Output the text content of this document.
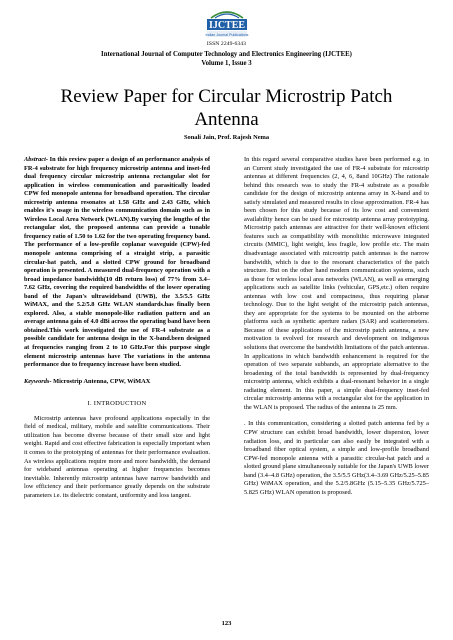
IJCTEE
Indian Journal Publications
ISSN 2249-6343
International Journal of Computer Technology and Electronics Engineering (IJCTEE)
Volume 1, Issue 3
Review Paper for Circular Microstrip Patch
Antenna
Sonali Jain, Prof. Rajesh Nema

Abstract- In this review paper a design of an performance analysis of FR-4 substrate for high frequency microstrip antenna and inset-fed dual frequency circular microstrip antenna rectangular slot for application in wireless communication and parasitically loaded CPW fed monopole antenna for broadband operation. The circular microstrip antenna resonates at 1.58 GHz and 2.43 GHz, which enables it's usage in the wireless communication domain such as in Wireless Local Area Network (WLAN).By varying the lengths of the rectangular slot, the proposed antenna can provide a tunable frequency ratio of 1.50 to 1.62 for the two operating frequency band. The performance of a low-profile coplanar waveguide (CPW)-fed monopole antenna comprising of a straight strip, a parasitic circular-hat patch, and a slotted CPW ground for broadband operation is presented. A measured dual-frequency operation with a broad impedance bandwidth(10 dB return loss) of 77% from 3.4–7.62 GHz, covering the required bandwidths of the lower operating band of the Japan's ultrawideband (UWB), the 3.5/5.5 GHz WiMAX, and the 5.2/5.8 GHz WLAN standards.has finally been explored. Also, a stable monopole-like radiation pattern and an average antenna gain of 4.0 dBi across the operating band have been obtained.This work investigated the use of FR-4 substrate as a possible candidate for antenna design in the X-band.been designed at frequencies ranging from 2 to 10 GHz.For this purpose single element microstrip antennas have The variations in the antenna performance due to frequency increase have been studied.

Keywords- Microstrip Antenna, CPW, WiMAX

I. INTRODUCTION

Microstrip antennas have profound applications especially in the field of medical, military, mobile and satellite communications. Their utilization has become diverse because of their small size and light weight. Rapid and cost effective fabrication is especially important when it comes to the prototyping of antennas for their performance evaluation. As wireless applications require more and more bandwidth, the demand for wideband antennas operating at higher frequencies becomes inevitable. Inherently microstrip antennas have narrow bandwidth and low efficiency and their performance greatly depends on the substrate parameters i.e. its dielectric constant, uniformity and loss tangent.

In this regard several comparative studies have been performed e.g. in an Current study investigated the use of FR-4 substrate for microstrip antennas at different frequencies (2, 4, 6, 8and 10GHz) The rationale behind this research was to study the FR-4 substrate as a possible candidate for the design of microstrip antenna array in X-band and to satisfy simulated and measured results in close approximation. FR-4 has been chosen for this study because of its low cost and convenient availability hence can be used for microstrip antenna array prototyping. Microstrip patch antennas are attractive for their well-known efficient features such as compatibility with monolithic microwave integrated circuits (MMIC), light weight, less fragile, low profile etc. The main disadvantage associated with microstrip patch antennas is the narrow bandwidth, which is due to the resonant characteristics of the patch structure. But on the other hand modern communication systems, such as those for wireless local area networks (WLAN), as well as emerging applications such as satellite links (vehicular, GPS,etc.) often require antennas with low cost and compactness, thus requiring planar technology. Due to the light weight of the microstrip patch antennas, they are appropriate for the systems to be mounted on the airborne platforms such as synthetic aperture radars (SAR) and scatterometers. Because of these applications of the microstrip patch antenna, a new motivation is evolved for research and development on indigenous solutions that overcome the bandwidth limitations of the patch antennas. In applications in which bandwidth enhancement is required for the operation of two separate subbands, an appropriate alternative to the broadening of the total bandwidth is represented by dual-frequency microstrip antenna, which exhibits a dual-resonant behavior in a single radiating element. In this paper, a simple dual-frequency inset-fed circular microstrip antenna with a rectangular slot for the application in the WLAN is proposed. The radius of the antenna is 25 mm.

. In this communication, considering a slotted patch antenna fed by a CPW structure can exhibit broad bandwidth, lower dispersion, lower radiation loss, and in particular can also easily be integrated with a broadband fiber optical system, a simple and low-profile broadband CPW-fed monopole antenna with a parasitic circular-hat patch and a slotted ground plane simultaneously suitable for the Japan's UWB lower band (3.4–4.8 GHz) operation, the 3.5/5.5 GHz(3.4–3.69 GHz/5.25–5.85 GHz) WiMAX operation, and the 5.2/5.8GHz (5.15–5.35 GHz/5.725–5.825 GHz) WLAN operation is proposed.

123
